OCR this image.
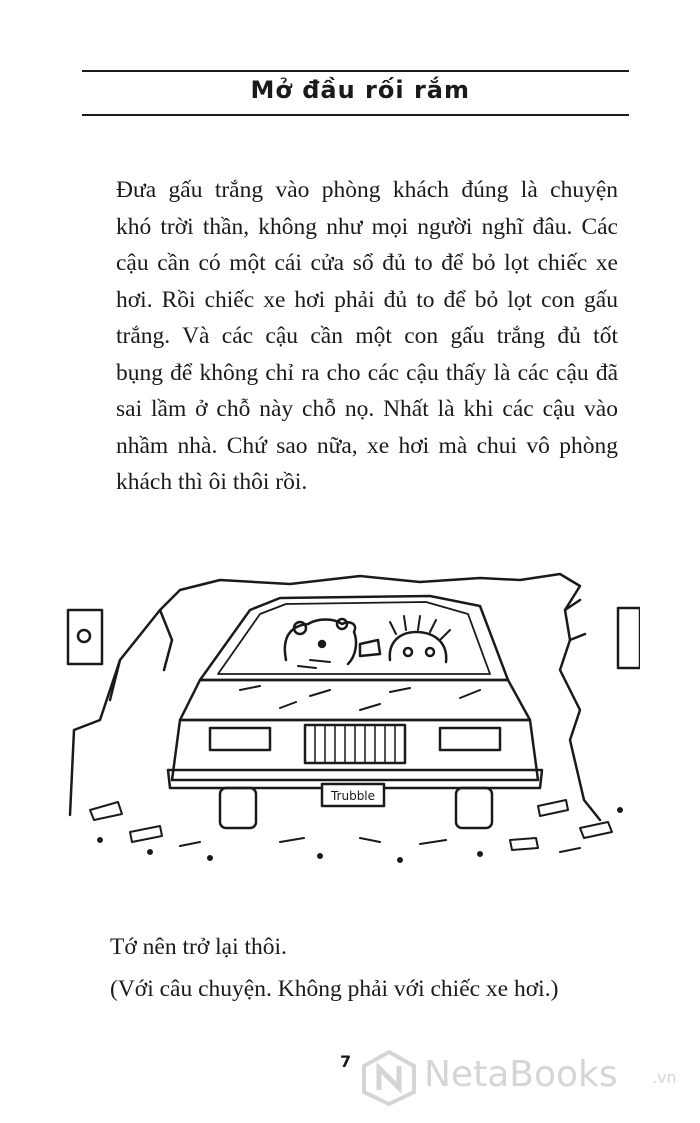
Mở đầu rối rắm
Đưa gấu trắng vào phòng khách đúng là chuyện
khó trời thần, không như mọi người nghĩ đâu. Các
cậu cần có một cái cửa sổ đủ to để bỏ lọt chiếc xe
hơi. Rồi chiếc xe hơi phải đủ to để bỏ lọt con gấu
trắng. Và các cậu cần một con gấu trắng đủ tốt
bụng để không chỉ ra cho các cậu thấy là các cậu đã
sai lầm ở chỗ này chỗ nọ. Nhất là khi các cậu vào
nhầm nhà. Chứ sao nữa, xe hơi mà chui vô phòng
khách thì ôi thôi rồi.
Trubble
Tớ nên trở lại thôi.
(Với câu chuyện. Không phải với chiếc xe hơi.)
7 NetaBooks .vn
